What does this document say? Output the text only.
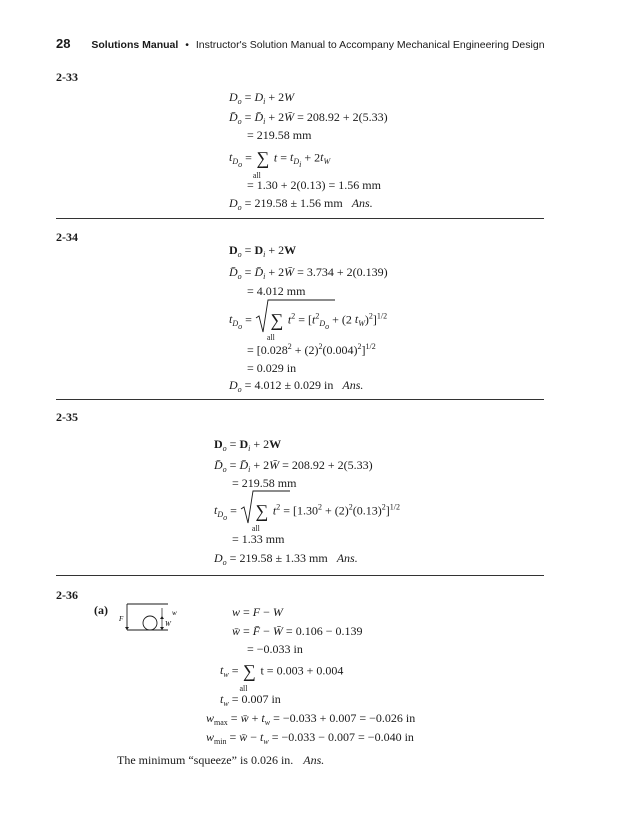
28 Solutions Manual • Instructor's Solution Manual to Accompany Mechanical Engineering Design
2-33
$D_o = D_i + 2W$
$D̄_o$ = $D̄_i$ + 2W̄ = 208.92 + 2(5.33)
= 219.58 mm
$t_{D_o}$ = ∑
all
$t = t_{D_i} + 2t_W$
= 1.30 + 2(0.13) = 1.56 mm
$D_o = 219.58 \pm 1.56$ mm Ans.
2-34
$D_o = D_i + 2W$
$D̄_o$ = $D̄_i$ + 2W̄ = 3.734 + 2(0.139)
= 4.012 mm
$t_{D_o}$ =
∑
all
$t^2 = [t^2_{D_o} + (2$ $t_W)^2]^{1/2}$
= $[0.028^2 + (2)^2(0.004)^2]^{1/2}$
= 0.029 in
$D_o = 4.012 \pm 0.029$ in Ans.
2-35
$D_o = D_i + 2W$
$D̄_o$ = $D̄_i$ + 2W̄ = 208.92 + 2(5.33)
= 219.58 mm
$t_{D_o}$ =
∑
all
$t^2 = [1.30^2 + (2)^2(0.13)^2]^{1/2}$
= 1.33 mm
$D_o = 219.58 \pm 1.33$ mm Ans.
2-36
(a)
F
w
W
w = F − W
w̄ = F̄ − W̄ = 0.106 − 0.139
= −0.033 in
$t_w$ = ∑
all
t = 0.003 + 0.004
$t_w = 0.007$ in
$w_{max}$ = w̄ + $t_w = -0.033 + 0.007 = -0.026$ in
$w_{min}$ = w̄ − $t_w = -0.033 - 0.007 = -0.040$ in
The minimum “squeeze” is 0.026 in. Ans.
